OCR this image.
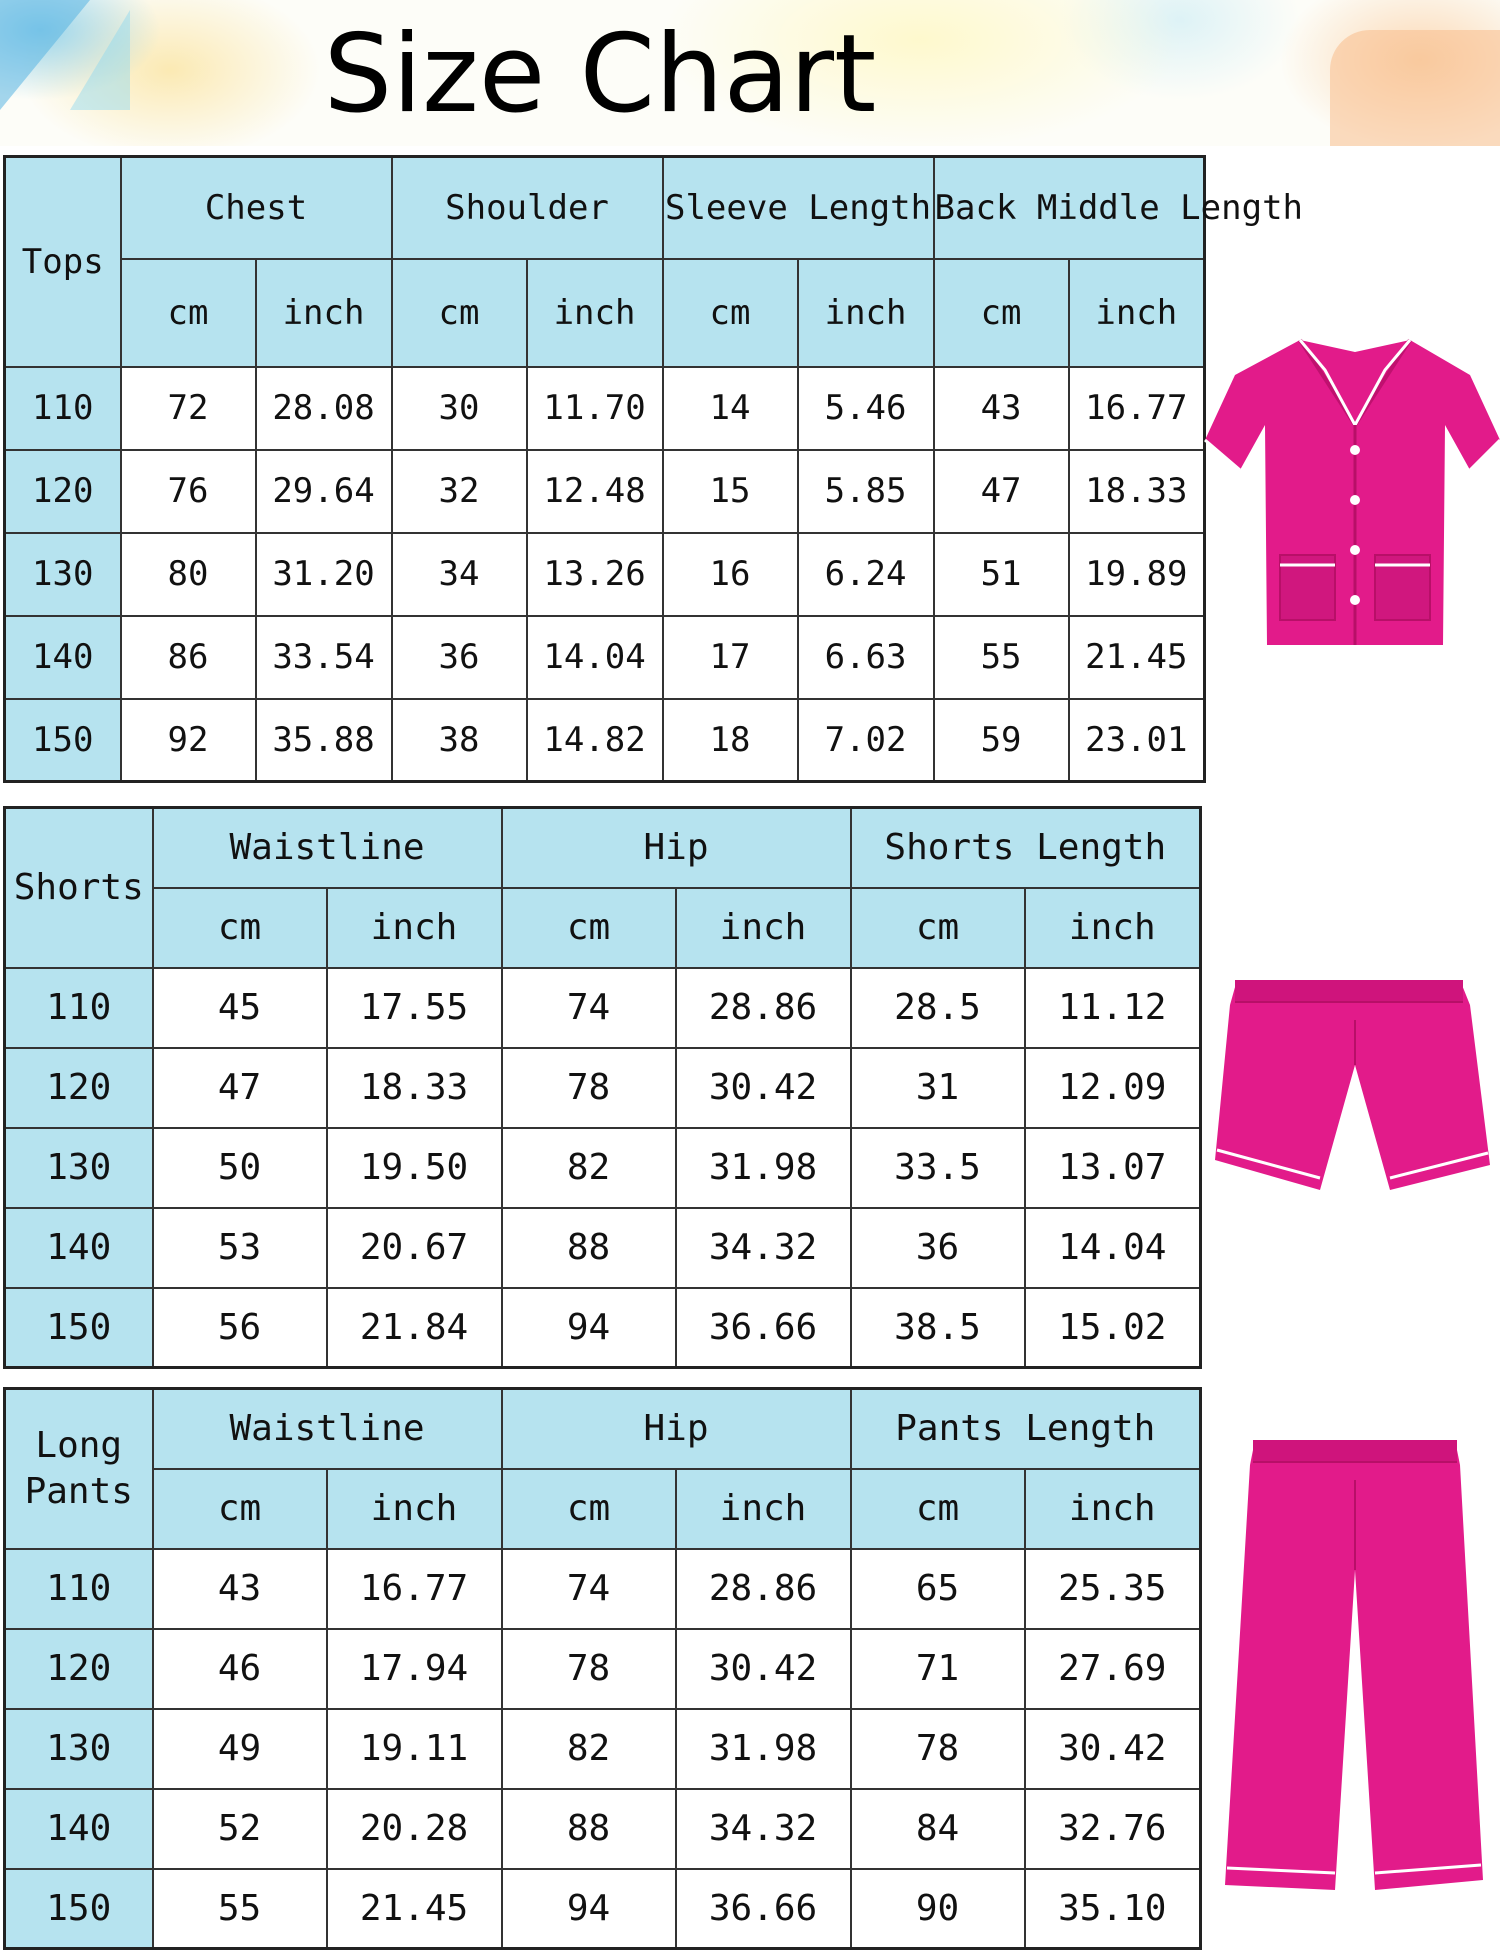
Size Chart
Tops	Chest		Shoulder		Sleeve Length		Back Middle Length	
	cm	inch	cm	inch	cm	inch	cm	inch
110	72	28.08	30	11.70	14	5.46	43	16.77
120	76	29.64	32	12.48	15	5.85	47	18.33
130	80	31.20	34	13.26	16	6.24	51	19.89
140	86	33.54	36	14.04	17	6.63	55	21.45
150	92	35.88	38	14.82	18	7.02	59	23.01
Shorts	Waistline		Hip		Shorts Length	
	cm	inch	cm	inch	cm	inch
110	45	17.55	74	28.86	28.5	11.12
120	47	18.33	78	30.42	31	12.09
130	50	19.50	82	31.98	33.5	13.07
140	53	20.67	88	34.32	36	14.04
150	56	21.84	94	36.66	38.5	15.02
Long
Pants	Waistline		Hip		Pants Length	
	cm	inch	cm	inch	cm	inch
110	43	16.77	74	28.86	65	25.35
120	46	17.94	78	30.42	71	27.69
130	49	19.11	82	31.98	78	30.42
140	52	20.28	88	34.32	84	32.76
150	55	21.45	94	36.66	90	35.10
